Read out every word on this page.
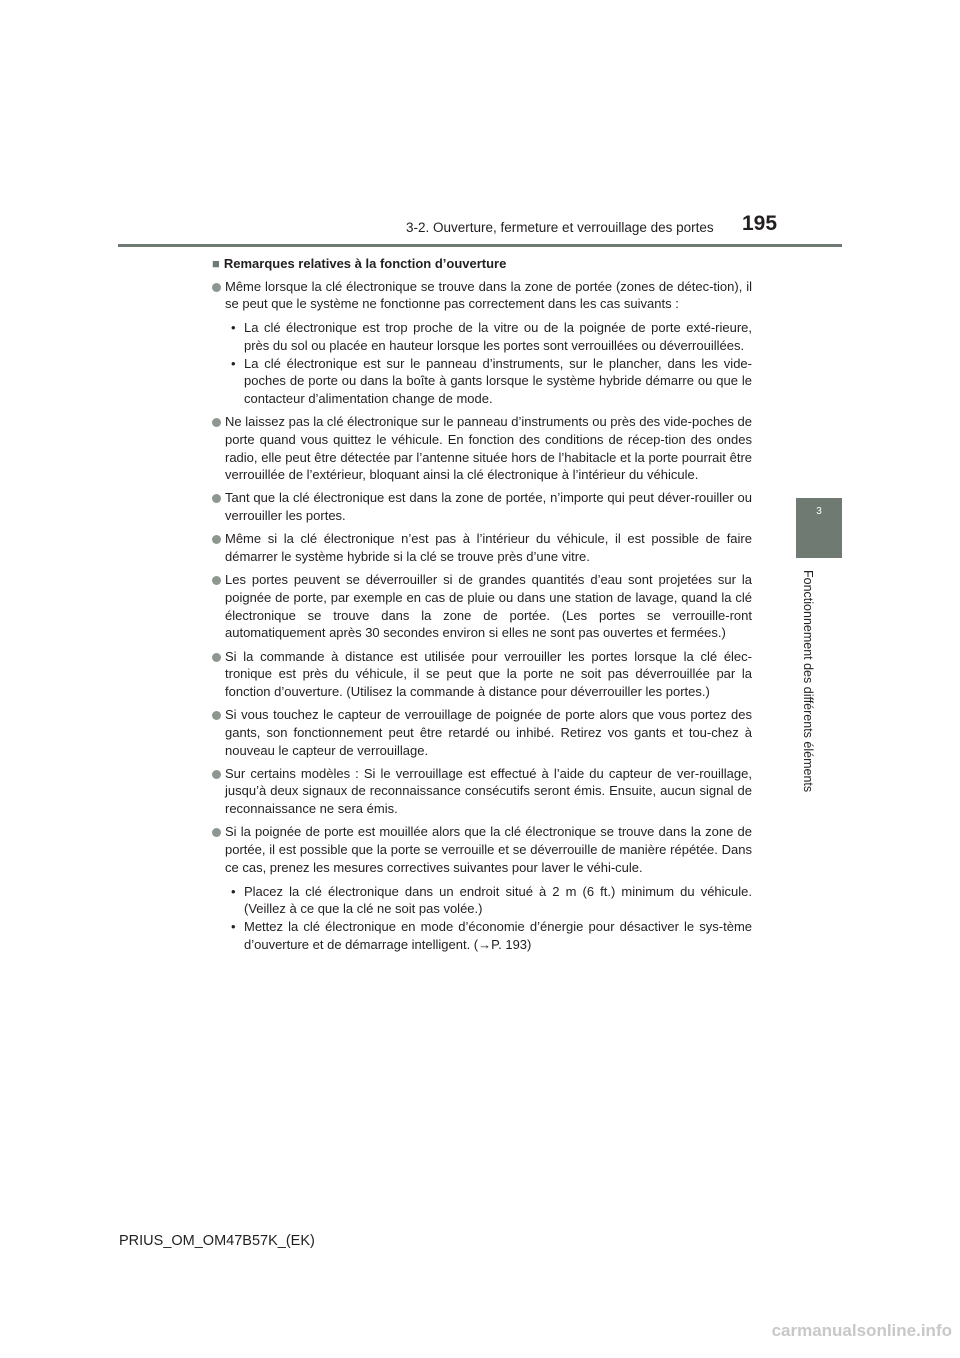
3-2. Ouverture, fermeture et verrouillage des portes 195
3
Fonctionnement des différents éléments
■ Remarques relatives à la fonction d’ouverture
Même lorsque la clé électronique se trouve dans la zone de portée (zones de détec-tion), il se peut que le système ne fonctionne pas correctement dans les cas suivants :
• La clé électronique est trop proche de la vitre ou de la poignée de porte exté-rieure, près du sol ou placée en hauteur lorsque les portes sont verrouillées ou déverrouillées.
• La clé électronique est sur le panneau d’instruments, sur le plancher, dans les vide-poches de porte ou dans la boîte à gants lorsque le système hybride démarre ou que le contacteur d’alimentation change de mode.
Ne laissez pas la clé électronique sur le panneau d’instruments ou près des vide-poches de porte quand vous quittez le véhicule. En fonction des conditions de récep-tion des ondes radio, elle peut être détectée par l’antenne située hors de l’habitacle et la porte pourrait être verrouillée de l’extérieur, bloquant ainsi la clé électronique à l’intérieur du véhicule.
Tant que la clé électronique est dans la zone de portée, n’importe qui peut déver-rouiller ou verrouiller les portes.
Même si la clé électronique n’est pas à l’intérieur du véhicule, il est possible de faire démarrer le système hybride si la clé se trouve près d’une vitre.
Les portes peuvent se déverrouiller si de grandes quantités d’eau sont projetées sur la poignée de porte, par exemple en cas de pluie ou dans une station de lavage, quand la clé électronique se trouve dans la zone de portée. (Les portes se verrouille-ront automatiquement après 30 secondes environ si elles ne sont pas ouvertes et fermées.)
Si la commande à distance est utilisée pour verrouiller les portes lorsque la clé élec-tronique est près du véhicule, il se peut que la porte ne soit pas déverrouillée par la fonction d’ouverture. (Utilisez la commande à distance pour déverrouiller les portes.)
Si vous touchez le capteur de verrouillage de poignée de porte alors que vous portez des gants, son fonctionnement peut être retardé ou inhibé. Retirez vos gants et tou-chez à nouveau le capteur de verrouillage.
Sur certains modèles : Si le verrouillage est effectué à l’aide du capteur de ver-rouillage, jusqu’à deux signaux de reconnaissance consécutifs seront émis. Ensuite, aucun signal de reconnaissance ne sera émis.
Si la poignée de porte est mouillée alors que la clé électronique se trouve dans la zone de portée, il est possible que la porte se verrouille et se déverrouille de manière répétée. Dans ce cas, prenez les mesures correctives suivantes pour laver le véhi-cule.
• Placez la clé électronique dans un endroit situé à 2 m (6 ft.) minimum du véhicule. (Veillez à ce que la clé ne soit pas volée.)
• Mettez la clé électronique en mode d’économie d’énergie pour désactiver le sys-tème d’ouverture et de démarrage intelligent. (→P. 193)
PRIUS_OM_OM47B57K_(EK)
carmanualsonline.info
